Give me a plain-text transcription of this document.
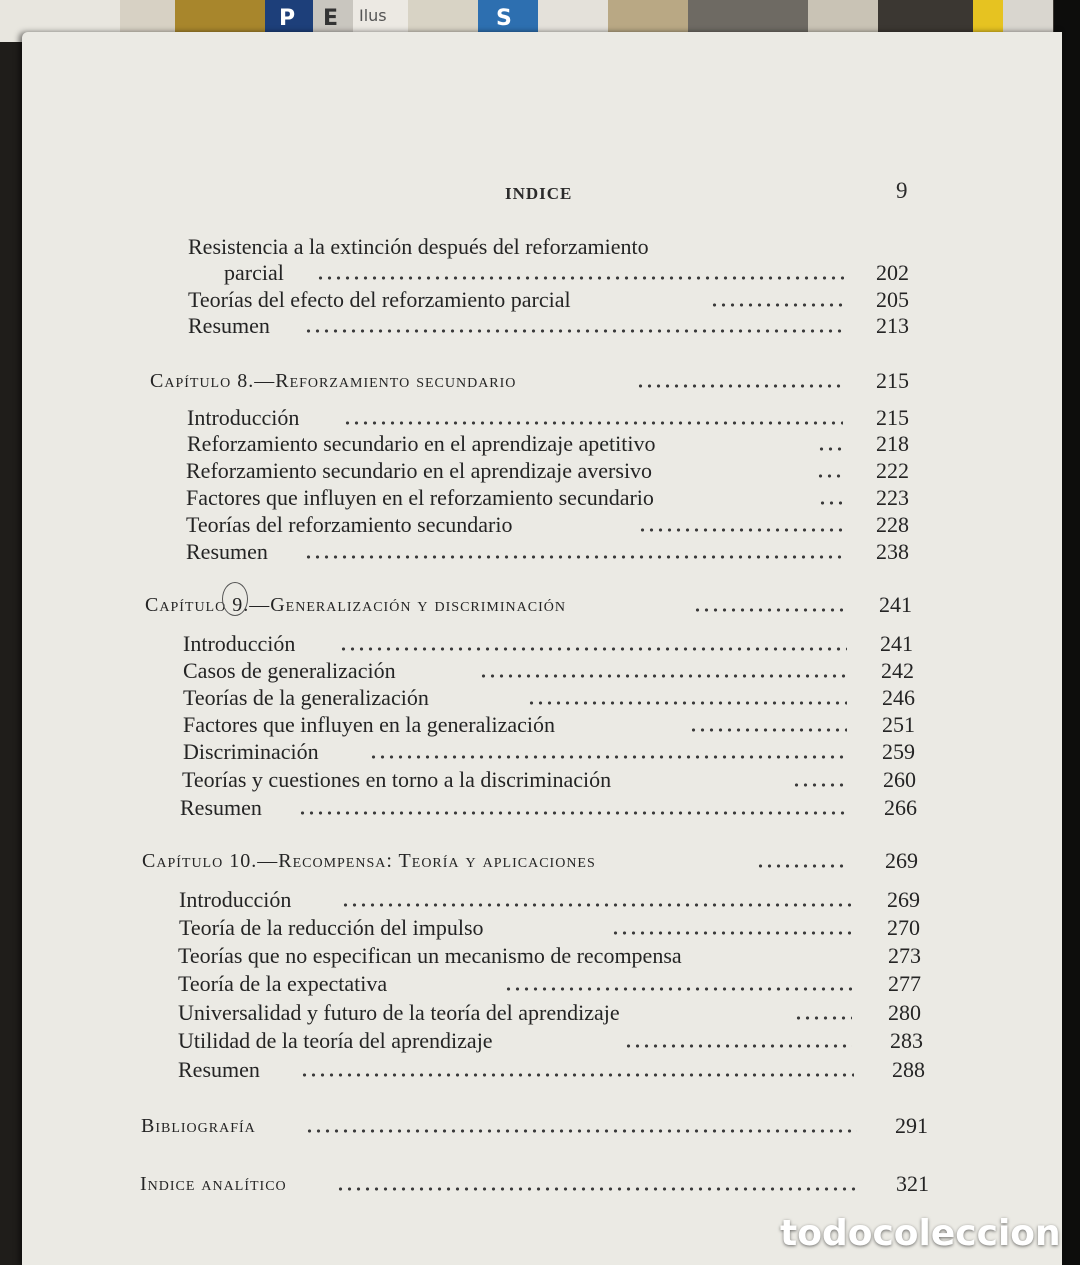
P E Ilus	S
INDICE	9
Resistencia a la extinción después del reforzamiento
parcial	202
Teorías del efecto del reforzamiento parcial	205
Resumen	213
Capítulo 8.—Reforzamiento secundario	215
Introducción	215
Reforzamiento secundario en el aprendizaje apetitivo	218
Reforzamiento secundario en el aprendizaje aversivo	222
Factores que influyen en el reforzamiento secundario	223
Teorías del reforzamiento secundario	228
Resumen	238
Capítulo 9.—Generalización y discriminación	241
Introducción	241
Casos de generalización	242
Teorías de la generalización	246
Factores que influyen en la generalización	251
Discriminación	259
Teorías y cuestiones en torno a la discriminación	260
Resumen	266
Capítulo 10.—Recompensa: Teoría y aplicaciones	269
Introducción	269
Teoría de la reducción del impulso	270
Teorías que no especifican un mecanismo de recompensa	273
Teoría de la expectativa	277
Universalidad y futuro de la teoría del aprendizaje	280
Utilidad de la teoría del aprendizaje	283
Resumen	288
Bibliografía	291
Indice analítico	321
todocoleccion
